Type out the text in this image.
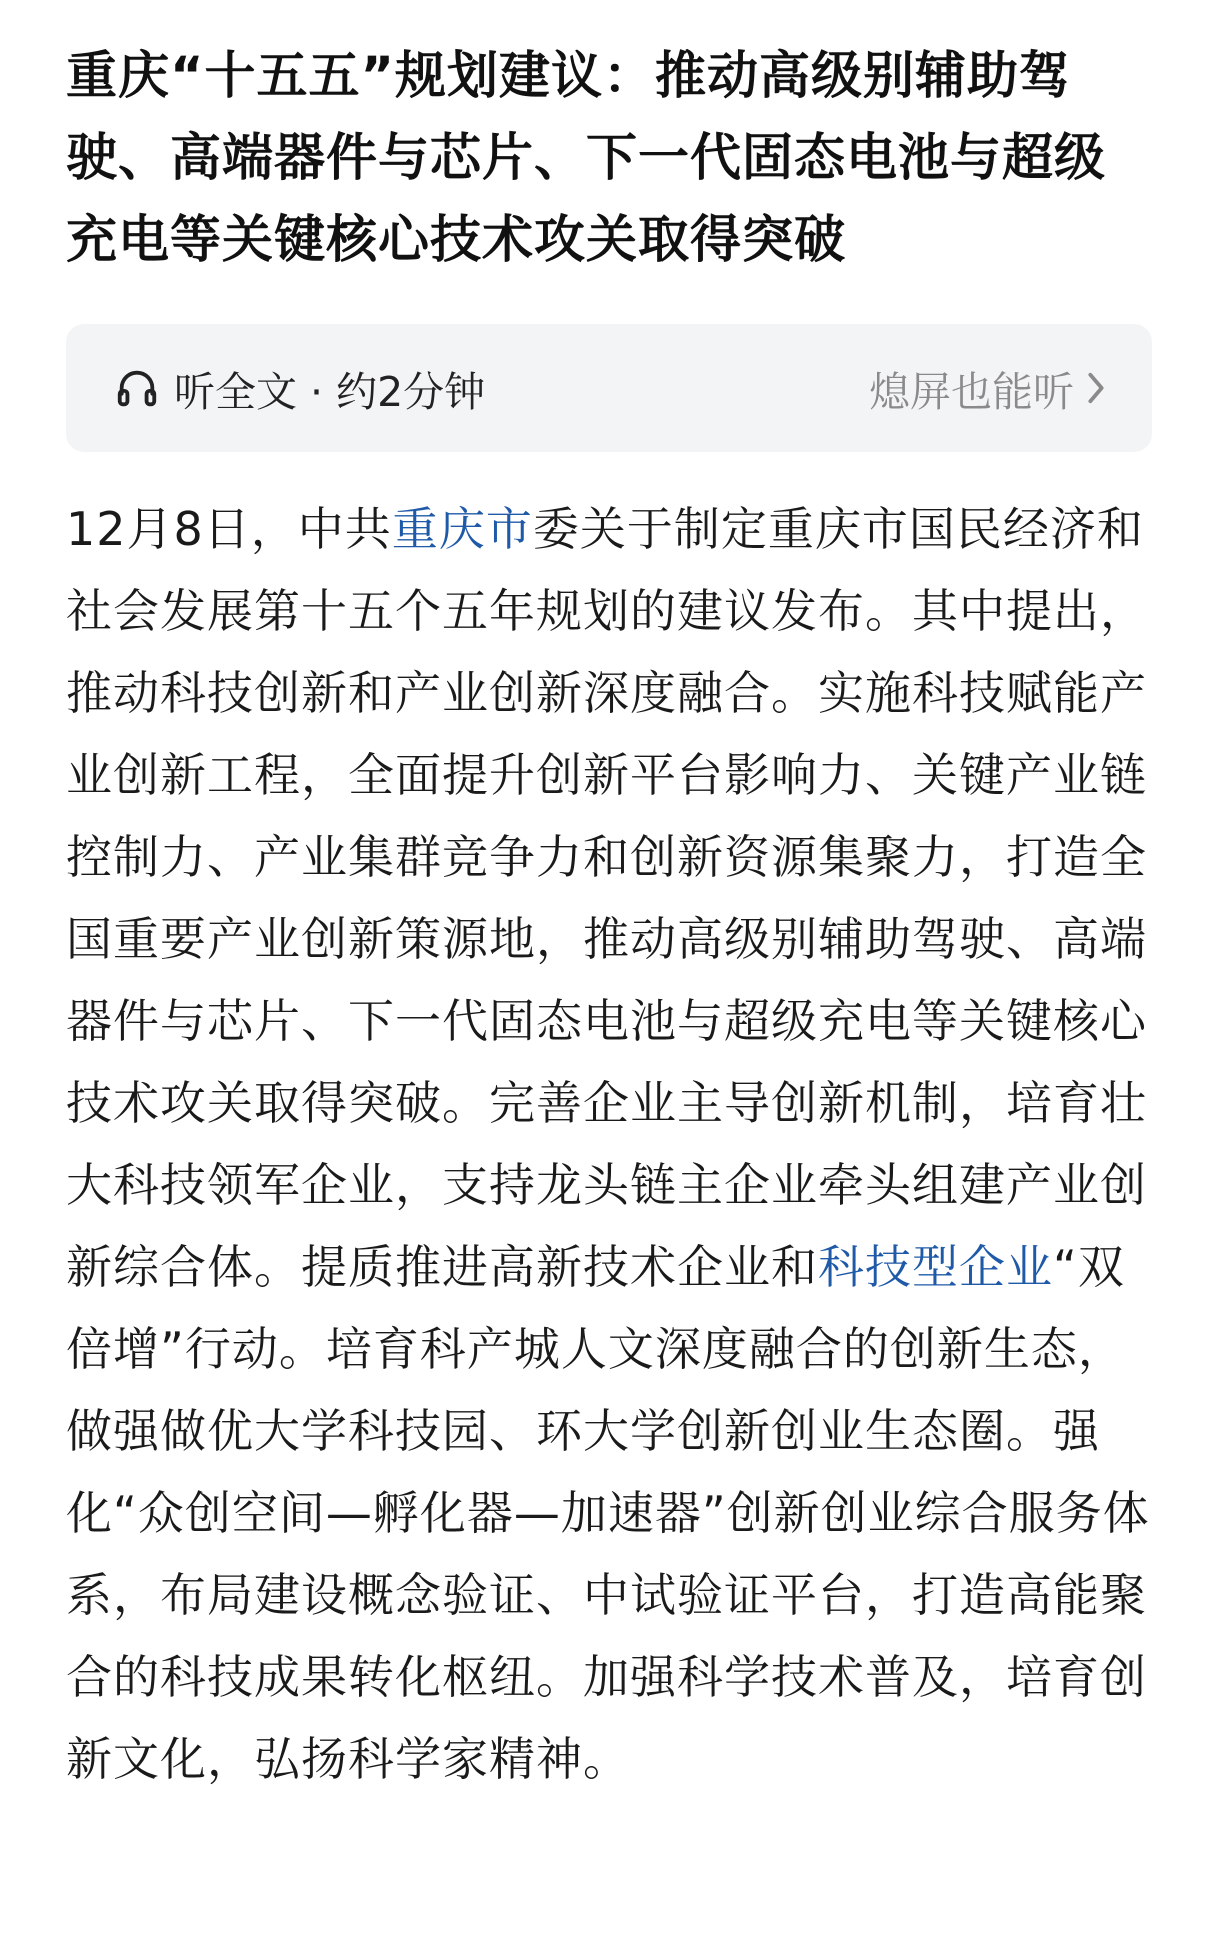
重庆“十五五”规划建议：推动高级别辅助驾驶、高端器件与芯片、下一代固态电池与超级充电等关键核心技术攻关取得突破
听全文 · 约2分钟	熄屏也能听

12月8日，中共重庆市委关于制定重庆市国民经济和社会发展第十五个五年规划的建议发布。其中提出，推动科技创新和产业创新深度融合。实施科技赋能产业创新工程，全面提升创新平台影响力、关键产业链控制力、产业集群竞争力和创新资源集聚力，打造全国重要产业创新策源地，推动高级别辅助驾驶、高端器件与芯片、下一代固态电池与超级充电等关键核心技术攻关取得突破。完善企业主导创新机制，培育壮大科技领军企业，支持龙头链主企业牵头组建产业创新综合体。提质推进高新技术企业和科技型企业“双倍增”行动。培育科产城人文深度融合的创新生态，做强做优大学科技园、环大学创新创业生态圈。强化“众创空间—孵化器—加速器”创新创业综合服务体系，布局建设概念验证、中试验证平台，打造高能聚合的科技成果转化枢纽。加强科学技术普及，培育创新文化，弘扬科学家精神。
